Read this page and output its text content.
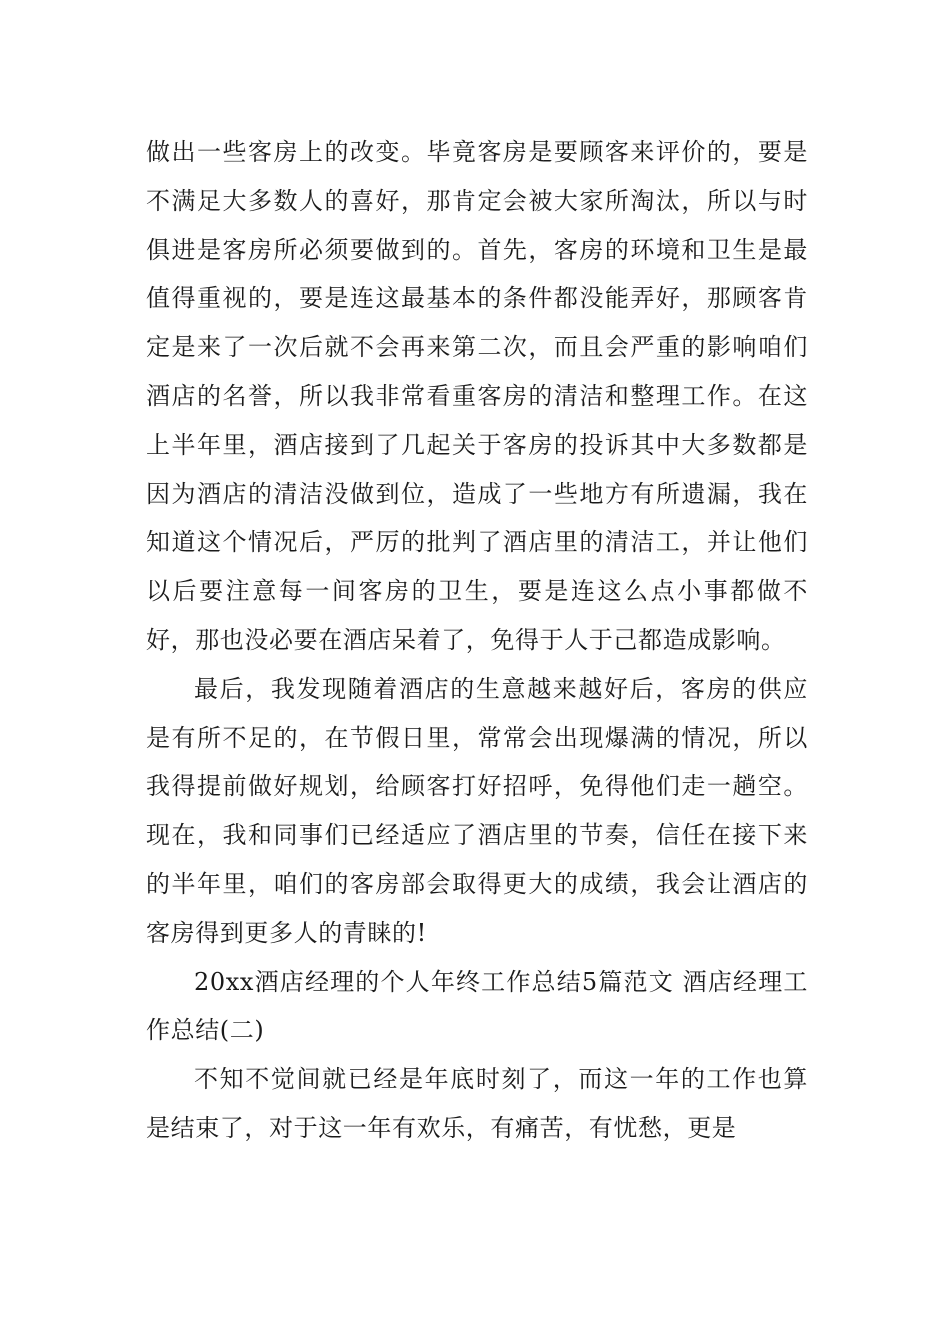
做出一些客房上的改变。毕竟客房是要顾客来评价的，要是不满足大多数人的喜好，那肯定会被大家所淘汰，所以与时俱进是客房所必须要做到的。首先，客房的环境和卫生是最值得重视的，要是连这最基本的条件都没能弄好，那顾客肯定是来了一次后就不会再来第二次，而且会严重的影响咱们酒店的名誉，所以我非常看重客房的清洁和整理工作。在这上半年里，酒店接到了几起关于客房的投诉其中大多数都是因为酒店的清洁没做到位，造成了一些地方有所遗漏，我在知道这个情况后，严厉的批判了酒店里的清洁工，并让他们以后要注意每一间客房的卫生，要是连这么点小事都做不好，那也没必要在酒店呆着了，免得于人于己都造成影响。

最后，我发现随着酒店的生意越来越好后，客房的供应是有所不足的，在节假日里，常常会出现爆满的情况，所以我得提前做好规划，给顾客打好招呼，免得他们走一趟空。现在，我和同事们已经适应了酒店里的节奏，信任在接下来的半年里，咱们的客房部会取得更大的成绩，我会让酒店的客房得到更多人的青睐的!

20xx酒店经理的个人年终工作总结5篇范文 酒店经理工作总结(二)

不知不觉间就已经是年底时刻了，而这一年的工作也算是结束了，对于这一年有欢乐，有痛苦，有忧愁，更是
